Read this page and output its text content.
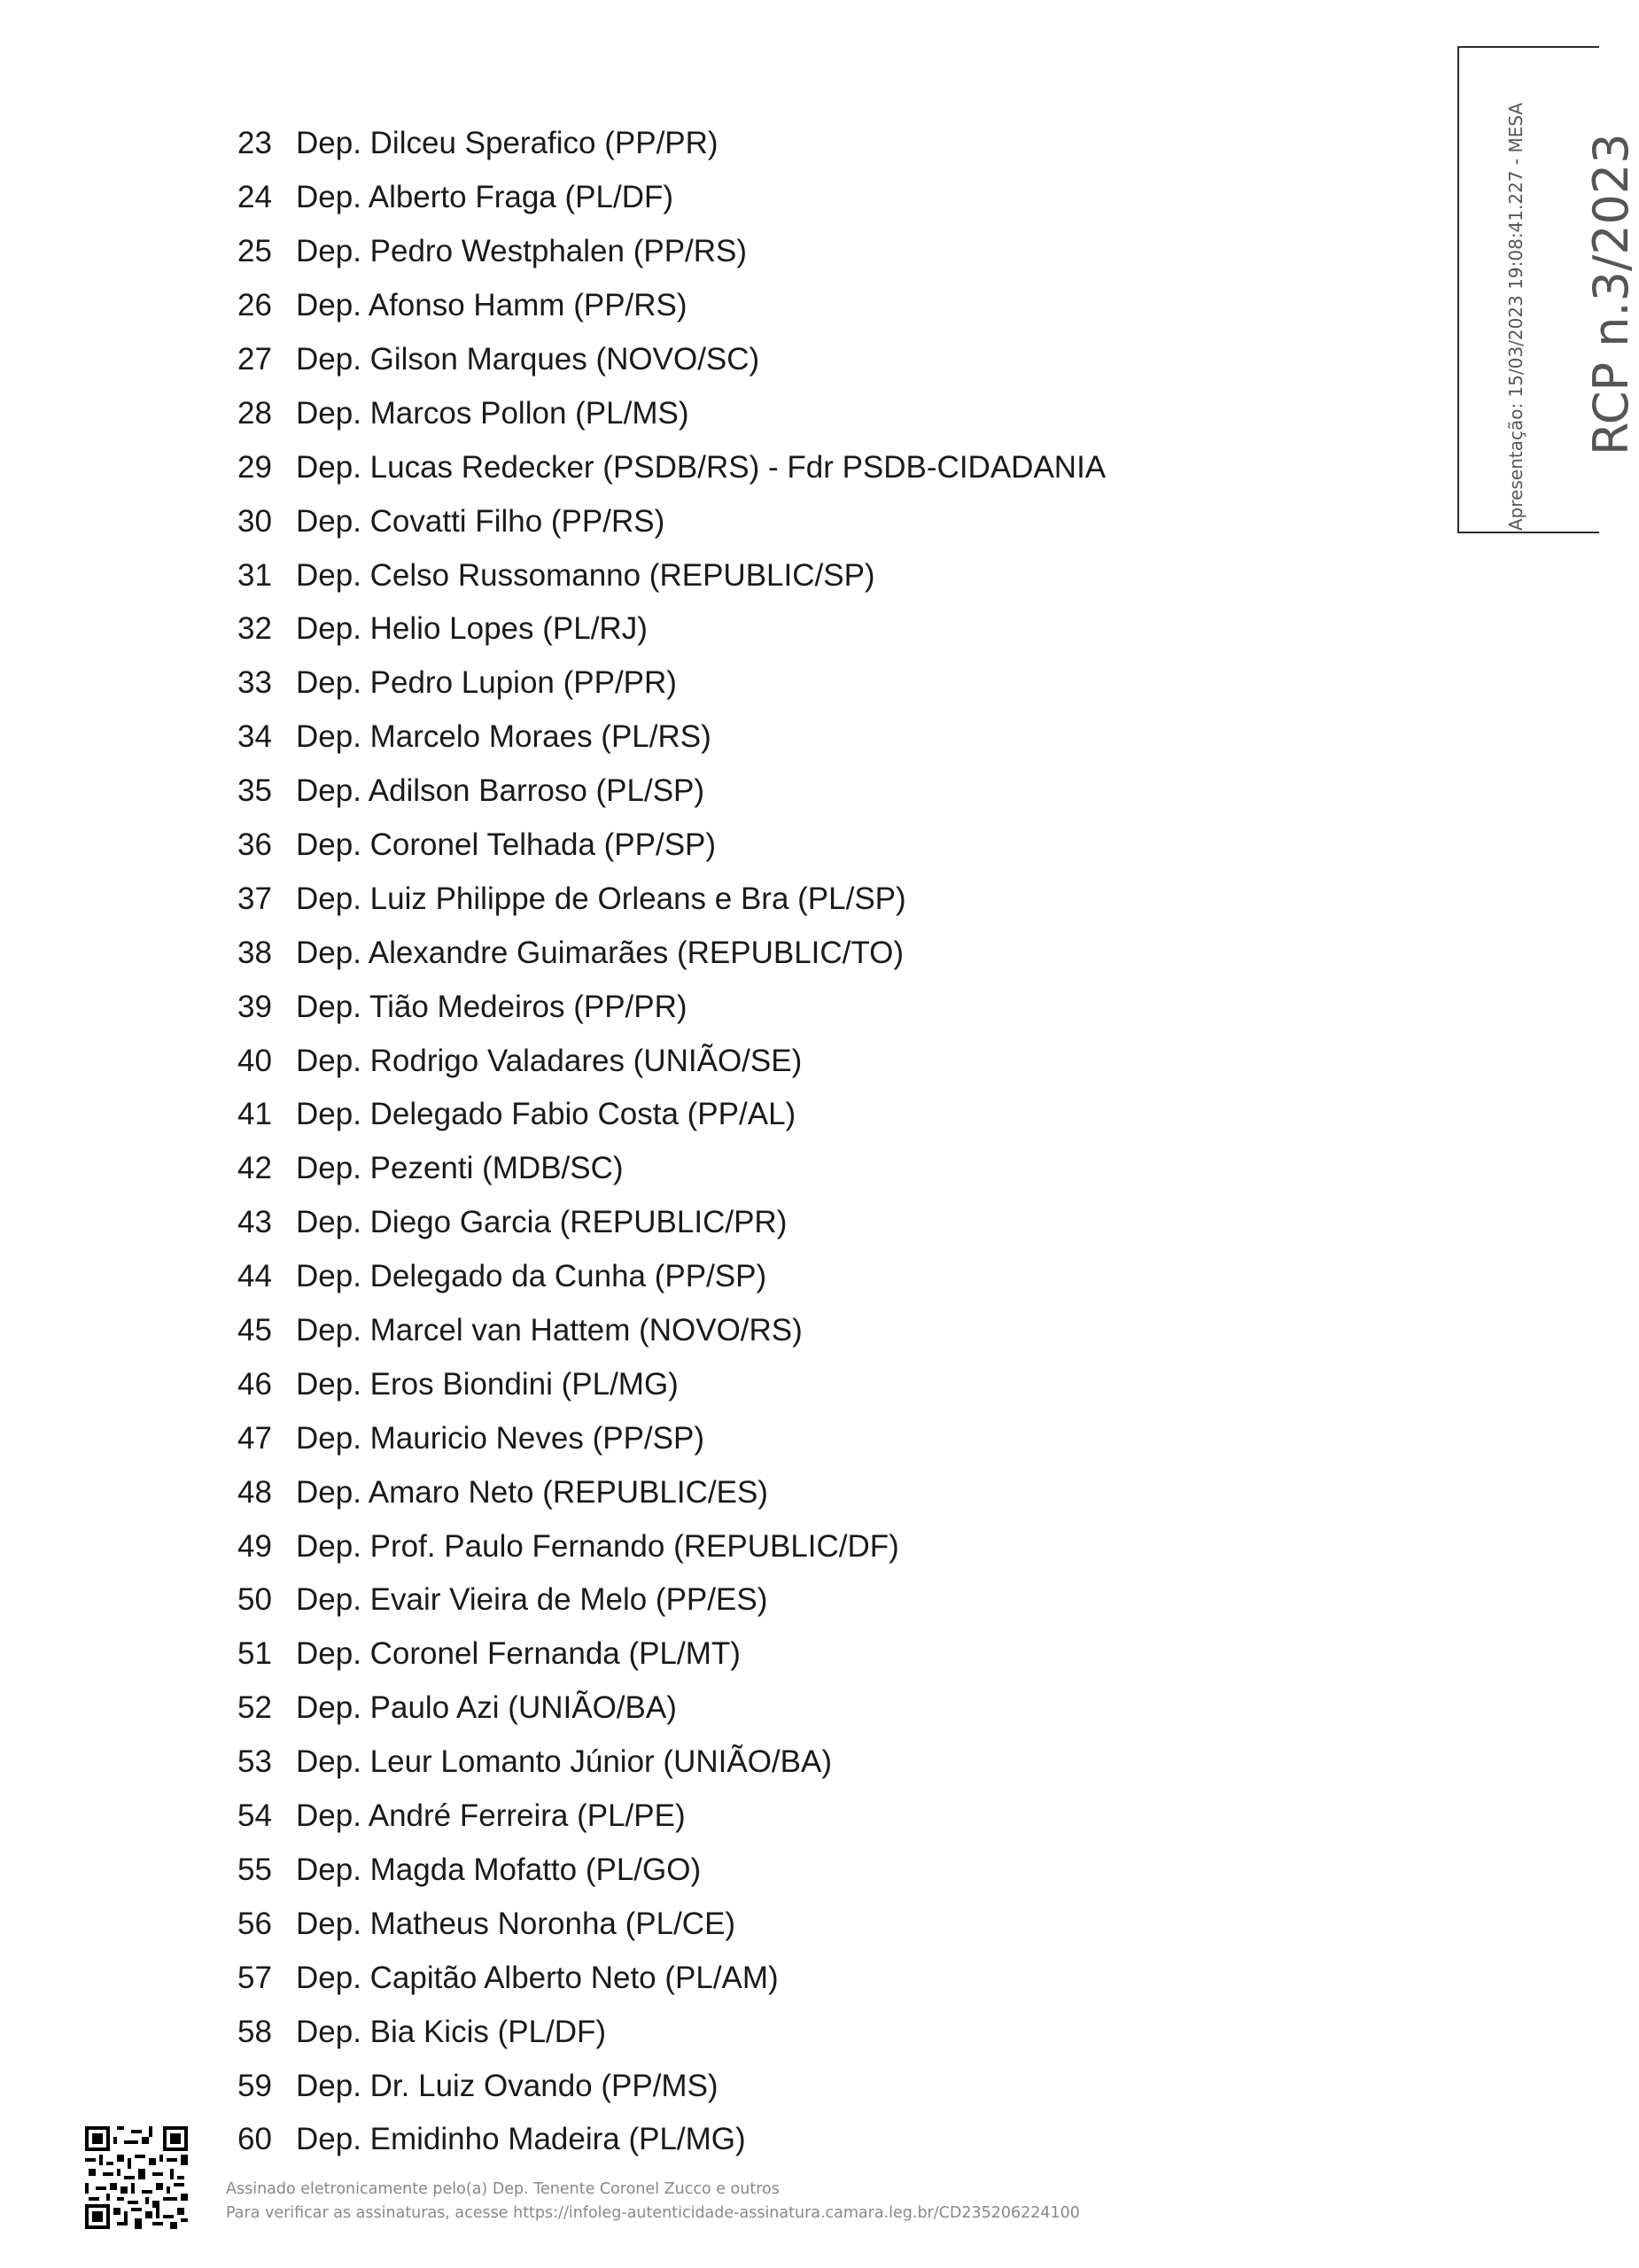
Apresentação: 15/03/2023 19:08:41.227 - MESA RCP n.3/2023
23 Dep. Dilceu Sperafico (PP/PR)
24 Dep. Alberto Fraga (PL/DF)
25 Dep. Pedro Westphalen (PP/RS)
26 Dep. Afonso Hamm (PP/RS)
27 Dep. Gilson Marques (NOVO/SC)
28 Dep. Marcos Pollon (PL/MS)
29 Dep. Lucas Redecker (PSDB/RS) - Fdr PSDB-CIDADANIA
30 Dep. Covatti Filho (PP/RS)
31 Dep. Celso Russomanno (REPUBLIC/SP)
32 Dep. Helio Lopes (PL/RJ)
33 Dep. Pedro Lupion (PP/PR)
34 Dep. Marcelo Moraes (PL/RS)
35 Dep. Adilson Barroso (PL/SP)
36 Dep. Coronel Telhada (PP/SP)
37 Dep. Luiz Philippe de Orleans e Bra (PL/SP)
38 Dep. Alexandre Guimarães (REPUBLIC/TO)
39 Dep. Tião Medeiros (PP/PR)
40 Dep. Rodrigo Valadares (UNIÃO/SE)
41 Dep. Delegado Fabio Costa (PP/AL)
42 Dep. Pezenti (MDB/SC)
43 Dep. Diego Garcia (REPUBLIC/PR)
44 Dep. Delegado da Cunha (PP/SP)
45 Dep. Marcel van Hattem (NOVO/RS)
46 Dep. Eros Biondini (PL/MG)
47 Dep. Mauricio Neves (PP/SP)
48 Dep. Amaro Neto (REPUBLIC/ES)
49 Dep. Prof. Paulo Fernando (REPUBLIC/DF)
50 Dep. Evair Vieira de Melo (PP/ES)
51 Dep. Coronel Fernanda (PL/MT)
52 Dep. Paulo Azi (UNIÃO/BA)
53 Dep. Leur Lomanto Júnior (UNIÃO/BA)
54 Dep. André Ferreira (PL/PE)
55 Dep. Magda Mofatto (PL/GO)
56 Dep. Matheus Noronha (PL/CE)
57 Dep. Capitão Alberto Neto (PL/AM)
58 Dep. Bia Kicis (PL/DF)
59 Dep. Dr. Luiz Ovando (PP/MS)
60 Dep. Emidinho Madeira (PL/MG)
Assinado eletronicamente pelo(a) Dep. Tenente Coronel Zucco e outros
Para verificar as assinaturas, acesse https://infoleg-autenticidade-assinatura.camara.leg.br/CD235206224100
